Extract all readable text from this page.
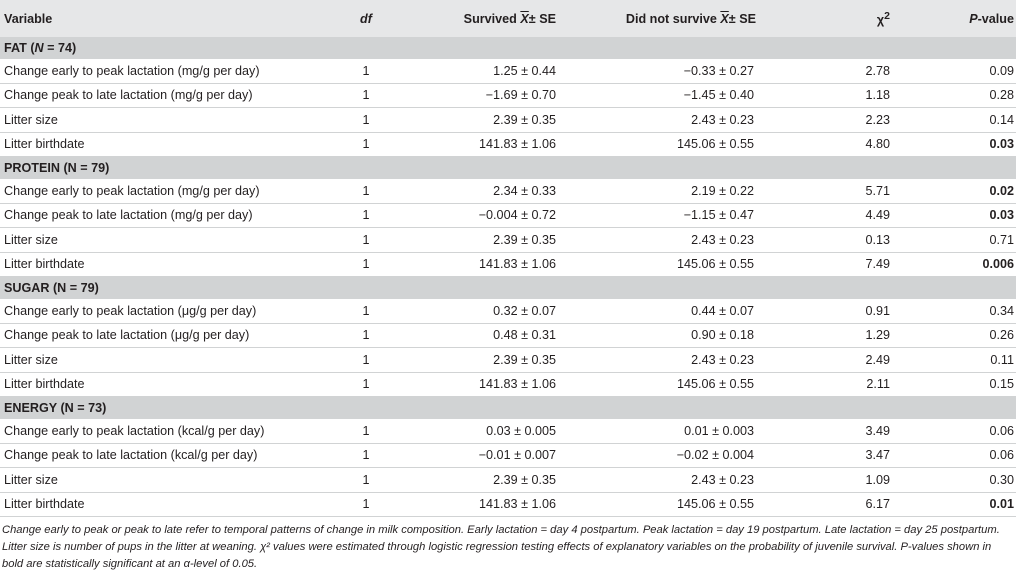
Variable	df	Survived $\overline{X}\pm$ SE	Did not survive $\overline{X}\pm$ SE	$\chi^2$	P-value
FAT (N = 74)					
Change early to peak lactation (mg/g per day)	1	1.25 ± 0.44	−0.33 ± 0.27	2.78	0.09
Change peak to late lactation (mg/g per day)	1	−1.69 ± 0.70	−1.45 ± 0.40	1.18	0.28
Litter size	1	2.39 ± 0.35	2.43 ± 0.23	2.23	0.14
Litter birthdate	1	141.83 ± 1.06	145.06 ± 0.55	4.80	0.03
PROTEIN (N = 79)					
Change early to peak lactation (mg/g per day)	1	2.34 ± 0.33	2.19 ± 0.22	5.71	0.02
Change peak to late lactation (mg/g per day)	1	−0.004 ± 0.72	−1.15 ± 0.47	4.49	0.03
Litter size	1	2.39 ± 0.35	2.43 ± 0.23	0.13	0.71
Litter birthdate	1	141.83 ± 1.06	145.06 ± 0.55	7.49	0.006
SUGAR (N = 79)					
Change early to peak lactation (μg/g per day)	1	0.32 ± 0.07	0.44 ± 0.07	0.91	0.34
Change peak to late lactation (μg/g per day)	1	0.48 ± 0.31	0.90 ± 0.18	1.29	0.26
Litter size	1	2.39 ± 0.35	2.43 ± 0.23	2.49	0.11
Litter birthdate	1	141.83 ± 1.06	145.06 ± 0.55	2.11	0.15
ENERGY (N = 73)					
Change early to peak lactation (kcal/g per day)	1	0.03 ± 0.005	0.01 ± 0.003	3.49	0.06
Change peak to late lactation (kcal/g per day)	1	−0.01 ± 0.007	−0.02 ± 0.004	3.47	0.06
Litter size	1	2.39 ± 0.35	2.43 ± 0.23	1.09	0.30
Litter birthdate	1	141.83 ± 1.06	145.06 ± 0.55	6.17	0.01
Change early to peak or peak to late refer to temporal patterns of change in milk composition. Early lactation = day 4 postpartum. Peak lactation = day 19 postpartum. Late lactation = day 25 postpartum. Litter size is number of pups in the litter at weaning. χ² values were estimated through logistic regression testing effects of explanatory variables on the probability of juvenile survival. P-values shown in bold are statistically significant at an α-level of 0.05.
